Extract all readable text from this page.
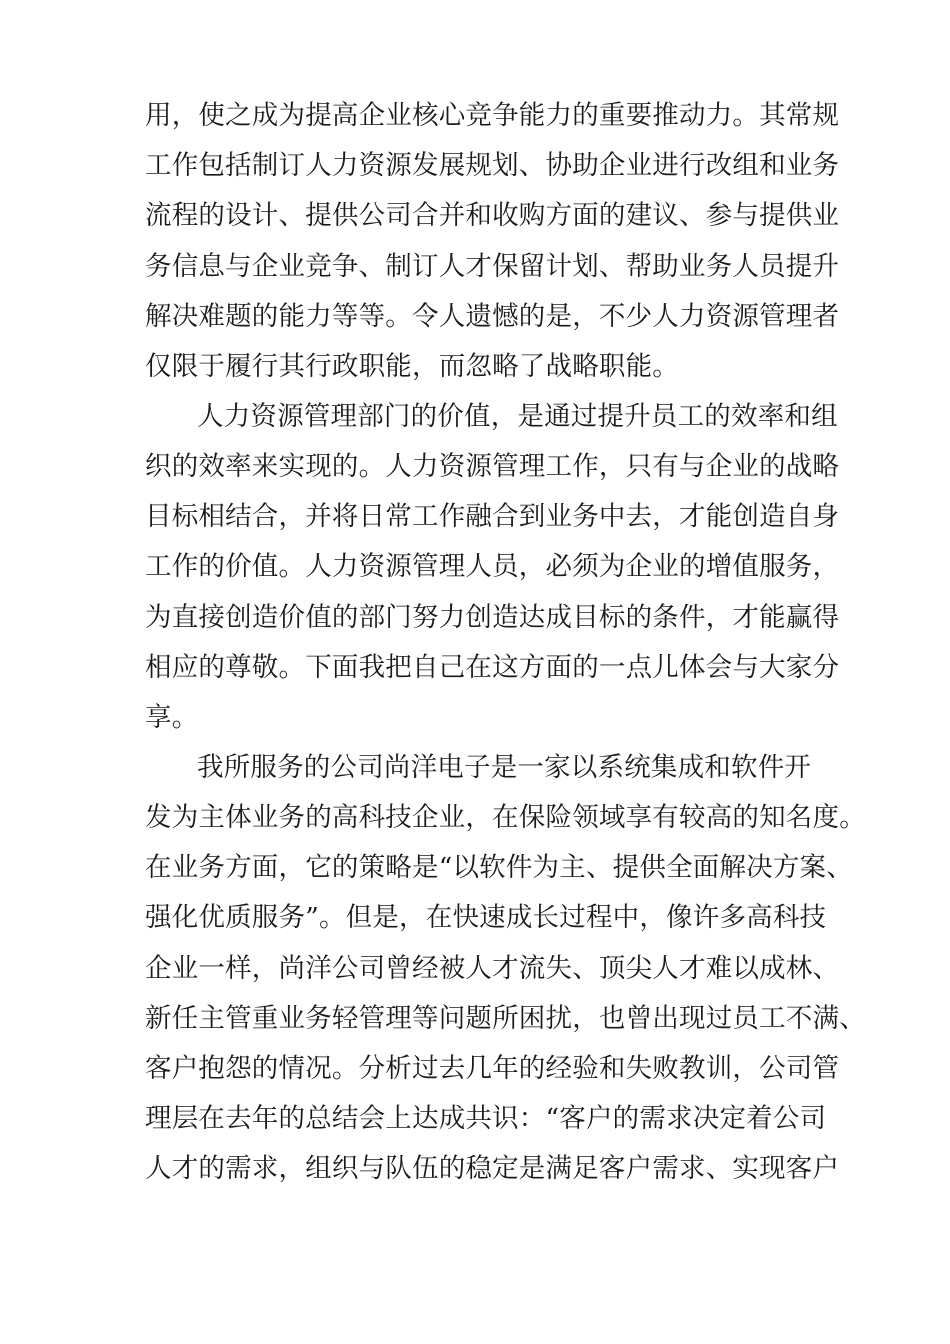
用，使之成为提高企业核心竞争能力的重要推动力。其常规
工作包括制订人力资源发展规划、协助企业进行改组和业务
流程的设计、提供公司合并和收购方面的建议、参与提供业
务信息与企业竞争、制订人才保留计划、帮助业务人员提升
解决难题的能力等等。令人遗憾的是，不少人力资源管理者
仅限于履行其行政职能，而忽略了战略职能。
人力资源管理部门的价值，是通过提升员工的效率和组
织的效率来实现的。人力资源管理工作，只有与企业的战略
目标相结合，并将日常工作融合到业务中去，才能创造自身
工作的价值。人力资源管理人员，必须为企业的增值服务，
为直接创造价值的部门努力创造达成目标的条件，才能赢得
相应的尊敬。下面我把自己在这方面的一点儿体会与大家分
享。
我所服务的公司尚洋电子是一家以系统集成和软件开
发为主体业务的高科技企业，在保险领域享有较高的知名度。
在业务方面，它的策略是“以软件为主、提供全面解决方案、
强化优质服务”。但是，在快速成长过程中，像许多高科技
企业一样，尚洋公司曾经被人才流失、顶尖人才难以成林、
新任主管重业务轻管理等问题所困扰，也曾出现过员工不满、
客户抱怨的情况。分析过去几年的经验和失败教训，公司管
理层在去年的总结会上达成共识：“客户的需求决定着公司
人才的需求，组织与队伍的稳定是满足客户需求、实现客户
